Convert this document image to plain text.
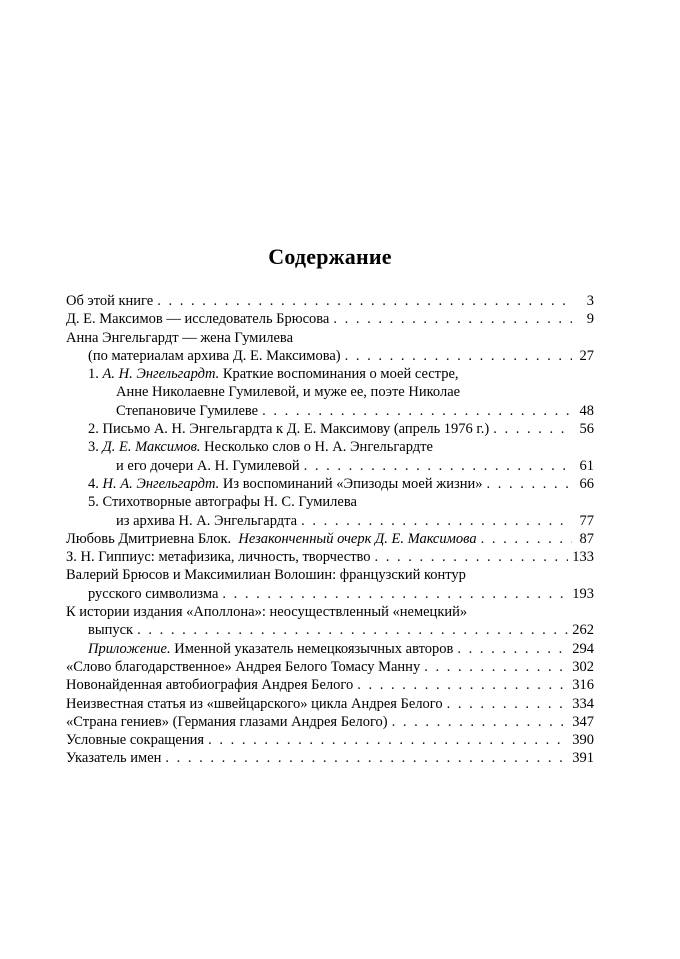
Содержание
Об этой книге . . .	3
Д. Е. Максимов — исследователь Брюсова . . .	9
Анна Энгельгардт — жена Гумилева
(по материалам архива Д. Е. Максимова) . . .	27
1. А. Н. Энгельгардт. Краткие воспоминания о моей сестре,
Анне Николаевне Гумилевой, и муже ее, поэте Николае
Степановиче Гумилеве . . .	48
2. Письмо А. Н. Энгельгардта к Д. Е. Максимову (апрель 1976 г.) . . .	56
3. Д. Е. Максимов. Несколько слов о Н. А. Энгельгардте
и его дочери А. Н. Гумилевой . . .	61
4. Н. А. Энгельгардт. Из воспоминаний «Эпизоды моей жизни» . . .	66
5. Стихотворные автографы Н. С. Гумилева
из архива Н. А. Энгельгардта . . .	77
Любовь Дмитриевна Блок. Незаконченный очерк Д. Е. Максимова . . .	87
З. Н. Гиппиус: метафизика, личность, творчество . . .	133
Валерий Брюсов и Максимилиан Волошин: французский контур
русского символизма . . .	193
К истории издания «Аполлона»: неосуществленный «немецкий»
выпуск . . .	262
Приложение. Именной указатель немецкоязычных авторов . . .	294
«Слово благодарственное» Андрея Белого Томасу Манну . . .	302
Новонайденная автобиография Андрея Белого . . .	316
Неизвестная статья из «швейцарского» цикла Андрея Белого . . .	334
«Страна гениев» (Германия глазами Андрея Белого) . . .	347
Условные сокращения . . .	390
Указатель имен . . .	391
